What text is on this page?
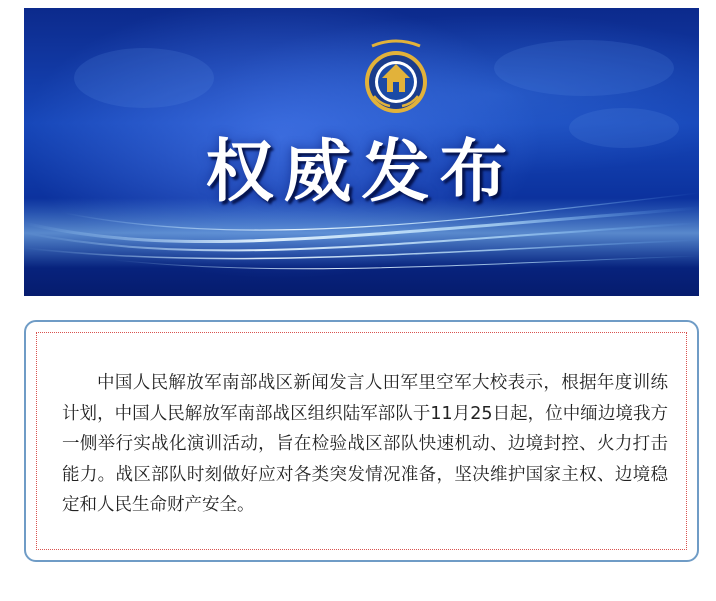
权威发布

中国人民解放军南部战区新闻发言人田军里空军大校表示，根据年度训练计划，中国人民解放军南部战区组织陆军部队于11月25日起，位中缅边境我方一侧举行实战化演训活动，旨在检验战区部队快速机动、边境封控、火力打击能力。战区部队时刻做好应对各类突发情况准备，坚决维护国家主权、边境稳定和人民生命财产安全。
